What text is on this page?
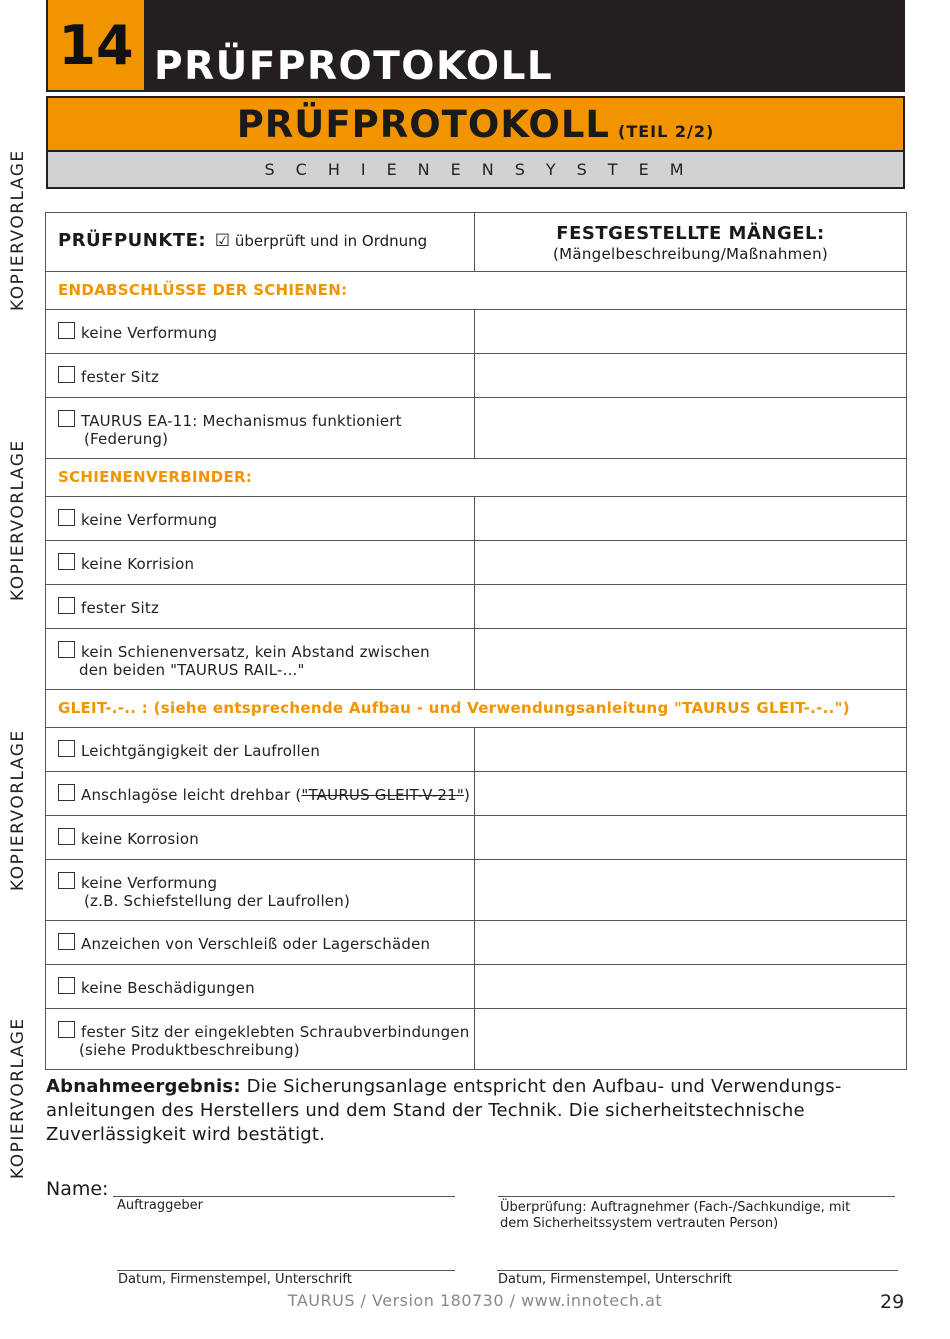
KOPIERVORLAGE
KOPIERVORLAGE
KOPIERVORLAGE
KOPIERVORLAGE
14 PRÜFPROTOKOLL
PRÜFPROTOKOLL (TEIL 2/2)
SCHIENENSYSTEM
PRÜFPUNKTE: ☑ überprüft und in Ordnung	FESTGESTELLTE MÄNGEL:
(Mängelbeschreibung/Maßnahmen)

ENDABSCHLÜSSE DER SCHIENEN:	
keine Verformung	
fester Sitz	
TAURUS EA-11: Mechanismus funktioniert
(Federung)	

SCHIENENVERBINDER:	
keine Verformung	
keine Korrision	
fester Sitz	
kein Schienenversatz, kein Abstand zwischen
den beiden "TAURUS RAIL-..."	

GLEIT-.-.. : (siehe entsprechende Aufbau - und Verwendungsanleitung "TAURUS GLEIT-.-..")	
Leichtgängigkeit der Laufrollen	
Anschlagöse leicht drehbar ("TAURUS GLEIT-V-21")	
keine Korrosion	
keine Verformung
(z.B. Schiefstellung der Laufrollen)	

Anzeichen von Verschleiß oder Lagerschäden	
keine Beschädigungen	
fester Sitz der eingeklebten Schraubverbindungen
(siehe Produktbeschreibung)	

Abnahmeergebnis: Die Sicherungsanlage entspricht den Aufbau- und Verwendungs-
anleitungen des Herstellers und dem Stand der Technik. Die sicherheitstechnische
Zuverlässigkeit wird bestätigt.
Name:
Auftraggeber	Überprüfung: Auftragnehmer (Fach-/Sachkundige, mit
dem Sicherheitssystem vertrauten Person)
Datum, Firmenstempel, Unterschrift	Datum, Firmenstempel, Unterschrift
TAURUS / Version 180730 / www.innotech.at	29
